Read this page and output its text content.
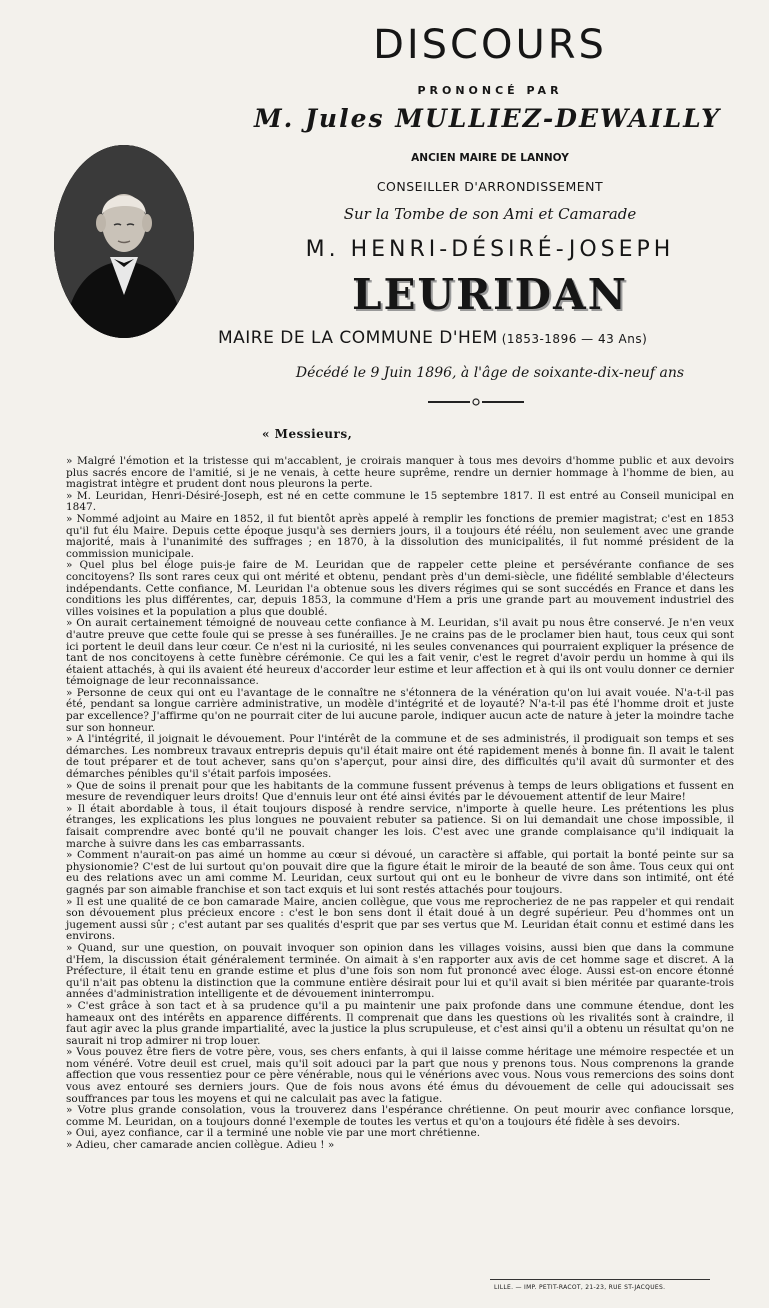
DISCOURS
PRONONCÉ PAR
M. Jules MULLIEZ-DEWAILLY
ANCIEN MAIRE DE LANNOY
CONSEILLER D'ARRONDISSEMENT
Sur la Tombe de son Ami et Camarade
M. HENRI-DÉSIRÉ-JOSEPH
LEURIDAN
MAIRE DE LA COMMUNE D'HEM (1853-1896 — 43 Ans)
Décédé le 9 Juin 1896, à l'âge de soixante-dix-neuf ans
« Messieurs,

» Malgré l'émotion et la tristesse qui m'accablent, je croirais manquer à tous mes devoirs d'homme public et aux devoirs plus sacrés encore de l'amitié, si je ne venais, à cette heure suprême, rendre un dernier hommage à l'homme de bien, au magistrat intègre et prudent dont nous pleurons la perte.

» M. Leuridan, Henri-Désiré-Joseph, est né en cette commune le 15 septembre 1817. Il est entré au Conseil municipal en 1847.

» Nommé adjoint au Maire en 1852, il fut bientôt après appelé à remplir les fonctions de premier magistrat; c'est en 1853 qu'il fut élu Maire. Depuis cette époque jusqu'à ses derniers jours, il a toujours été réélu, non seulement avec une grande majorité, mais à l'unanimité des suffrages ; en 1870, à la dissolution des municipalités, il fut nommé président de la commission municipale.

» Quel plus bel éloge puis-je faire de M. Leuridan que de rappeler cette pleine et persévérante confiance de ses concitoyens? Ils sont rares ceux qui ont mérité et obtenu, pendant près d'un demi-siècle, une fidélité semblable d'électeurs indépendants. Cette confiance, M. Leuridan l'a obtenue sous les divers régimes qui se sont succédés en France et dans les conditions les plus différentes, car, depuis 1853, la commune d'Hem a pris une grande part au mouvement industriel des villes voisines et la population a plus que doublé.

» On aurait certainement témoigné de nouveau cette confiance à M. Leuridan, s'il avait pu nous être conservé. Je n'en veux d'autre preuve que cette foule qui se presse à ses funérailles. Je ne crains pas de le proclamer bien haut, tous ceux qui sont ici portent le deuil dans leur cœur. Ce n'est ni la curiosité, ni les seules convenances qui pourraient expliquer la présence de tant de nos concitoyens à cette funèbre cérémonie. Ce qui les a fait venir, c'est le regret d'avoir perdu un homme à qui ils étaient attachés, à qui ils avaient été heureux d'accorder leur estime et leur affection et à qui ils ont voulu donner ce dernier témoignage de leur reconnaissance.

» Personne de ceux qui ont eu l'avantage de le connaître ne s'étonnera de la vénération qu'on lui avait vouée. N'a-t-il pas été, pendant sa longue carrière administrative, un modèle d'intégrité et de loyauté? N'a-t-il pas été l'homme droit et juste par excellence? J'affirme qu'on ne pourrait citer de lui aucune parole, indiquer aucun acte de nature à jeter la moindre tache sur son honneur.

» A l'intégrité, il joignait le dévouement. Pour l'intérêt de la commune et de ses administrés, il prodiguait son temps et ses démarches. Les nombreux travaux entrepris depuis qu'il était maire ont été rapidement menés à bonne fin. Il avait le talent de tout préparer et de tout achever, sans qu'on s'aperçut, pour ainsi dire, des difficultés qu'il avait dû surmonter et des démarches pénibles qu'il s'était parfois imposées.

» Que de soins il prenait pour que les habitants de la commune fussent prévenus à temps de leurs obligations et fussent en mesure de revendiquer leurs droits! Que d'ennuis leur ont été ainsi évités par le dévouement attentif de leur Maire!

» Il était abordable à tous, il était toujours disposé à rendre service, n'importe à quelle heure. Les prétentions les plus étranges, les explications les plus longues ne pouvaient rebuter sa patience. Si on lui demandait une chose impossible, il faisait comprendre avec bonté qu'il ne pouvait changer les lois. C'est avec une grande complaisance qu'il indiquait la marche à suivre dans les cas embarrassants.

» Comment n'aurait-on pas aimé un homme au cœur si dévoué, un caractère si affable, qui portait la bonté peinte sur sa physionomie? C'est de lui surtout qu'on pouvait dire que la figure était le miroir de la beauté de son âme. Tous ceux qui ont eu des relations avec un ami comme M. Leuridan, ceux surtout qui ont eu le bonheur de vivre dans son intimité, ont été gagnés par son aimable franchise et son tact exquis et lui sont restés attachés pour toujours.

» Il est une qualité de ce bon camarade Maire, ancien collègue, que vous me reprocheriez de ne pas rappeler et qui rendait son dévouement plus précieux encore : c'est le bon sens dont il était doué à un degré supérieur. Peu d'hommes ont un jugement aussi sûr ; c'est autant par ses qualités d'esprit que par ses vertus que M. Leuridan était connu et estimé dans les environs.

» Quand, sur une question, on pouvait invoquer son opinion dans les villages voisins, aussi bien que dans la commune d'Hem, la discussion était généralement terminée. On aimait à s'en rapporter aux avis de cet homme sage et discret. A la Préfecture, il était tenu en grande estime et plus d'une fois son nom fut prononcé avec éloge. Aussi est-on encore étonné qu'il n'ait pas obtenu la distinction que la commune entière désirait pour lui et qu'il avait si bien méritée par quarante-trois années d'administration intelligente et de dévouement ininterrompu.

» C'est grâce à son tact et à sa prudence qu'il a pu maintenir une paix profonde dans une commune étendue, dont les hameaux ont des intérêts en apparence différents. Il comprenait que dans les questions où les rivalités sont à craindre, il faut agir avec la plus grande impartialité, avec la justice la plus scrupuleuse, et c'est ainsi qu'il a obtenu un résultat qu'on ne saurait ni trop admirer ni trop louer.

» Vous pouvez être fiers de votre père, vous, ses chers enfants, à qui il laisse comme héritage une mémoire respectée et un nom vénéré. Votre deuil est cruel, mais qu'il soit adouci par la part que nous y prenons tous. Nous comprenons la grande affection que vous ressentiez pour ce père vénérable, nous qui le vénérions avec vous. Nous vous remercions des soins dont vous avez entouré ses derniers jours. Que de fois nous avons été émus du dévouement de celle qui adoucissait ses souffrances par tous les moyens et qui ne calculait pas avec la fatigue.

» Votre plus grande consolation, vous la trouverez dans l'espérance chrétienne. On peut mourir avec confiance lorsque, comme M. Leuridan, on a toujours donné l'exemple de toutes les vertus et qu'on a toujours été fidèle à ses devoirs.

» Oui, ayez confiance, car il a terminé une noble vie par une mort chrétienne.

» Adieu, cher camarade ancien collègue. Adieu ! »

LILLE. — IMP. PETIT-RACOT, 21-23, RUE ST-JACQUES.
